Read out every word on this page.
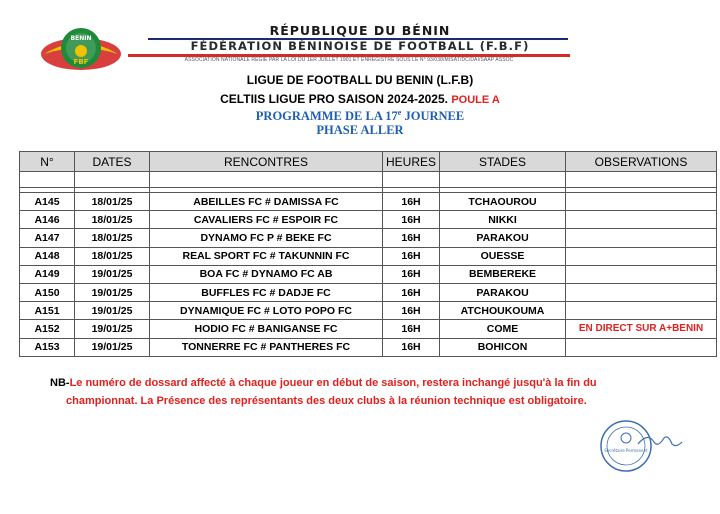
BENIN
FBF
RÉPUBLIQUE DU BÉNIN
FÉDÉRATION BÉNINOISE DE FOOTBALL (F.B.F)
ASSOCIATION NATIONALE RÉGIE PAR LA LOI DU 1ER JUILLET 1901 ET ENREGISTRÉ SOUS LE N° 93/038/MISAT/DC/DAI/SAAP ASSOC
LIGUE DE FOOTBALL DU BENIN (L.F.B)
CELTIIS LIGUE PRO SAISON 2024-2025. POULE A
PROGRAMME DE LA 17e JOURNEE
PHASE ALLER
N°	DATES	RENCONTRES	HEURES	STADES	OBSERVATIONS

A145	18/01/25	ABEILLES FC # DAMISSA FC	16H	TCHAOUROU	
A146	18/01/25	CAVALIERS FC # ESPOIR FC	16H	NIKKI	
A147	18/01/25	DYNAMO FC P # BEKE FC	16H	PARAKOU	
A148	18/01/25	REAL SPORT FC # TAKUNNIN FC	16H	OUESSE	
A149	19/01/25	BOA FC # DYNAMO FC AB	16H	BEMBEREKE	
A150	19/01/25	BUFFLES FC # DADJE FC	16H	PARAKOU	
A151	19/01/25	DYNAMIQUE FC # LOTO POPO FC	16H	ATCHOUKOUMA	
A152	19/01/25	HODIO FC # BANIGANSE FC	16H	COME	EN DIRECT SUR A+BENIN
A153	19/01/25	TONNERRE FC # PANTHERES FC	16H	BOHICON	
NB-Le numéro de dossard affecté à chaque joueur en début de saison, restera inchangé jusqu'à la fin du
championnat. La Présence des représentants des deux clubs à la réunion technique est obligatoire.
Secrétaire Permanent
